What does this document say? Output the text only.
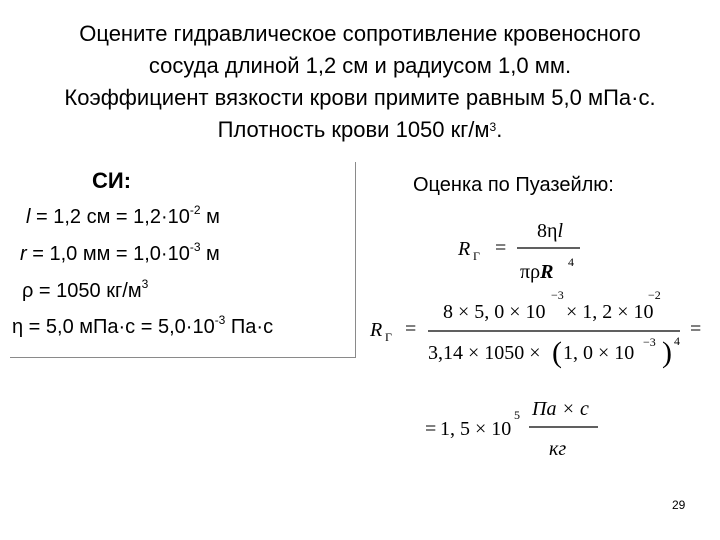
Оцените гидравлическое сопротивление кровеносного
сосуда длиной 1,2 см и радиусом 1,0 мм.
Коэффициент вязкости крови примите равным 5,0 мПа·с.
Плотность крови 1050 $кг/м^3$.
СИ:
l = 1,2 см = $1,2\cdot 10^{-2}$ м
r = 1,0 мм = $1,0\cdot 10^{-3}$ м
ρ = 1050 $кг/м^3$
η = 5,0 $мПа\cdot с = 5,0\cdot 10^{-3}$ Па·с
Оценка по Пуазейлю:
R Г =
8ηl
πρR 4
R Г =
8 × 5, 0 × 10
−3
× 1, 2 × 10
−2
3,14 × 1050 × ( 1, 0 × 10 −3 ) 4
=
= 1, 5 × 10
5 Па × с
кг
29
